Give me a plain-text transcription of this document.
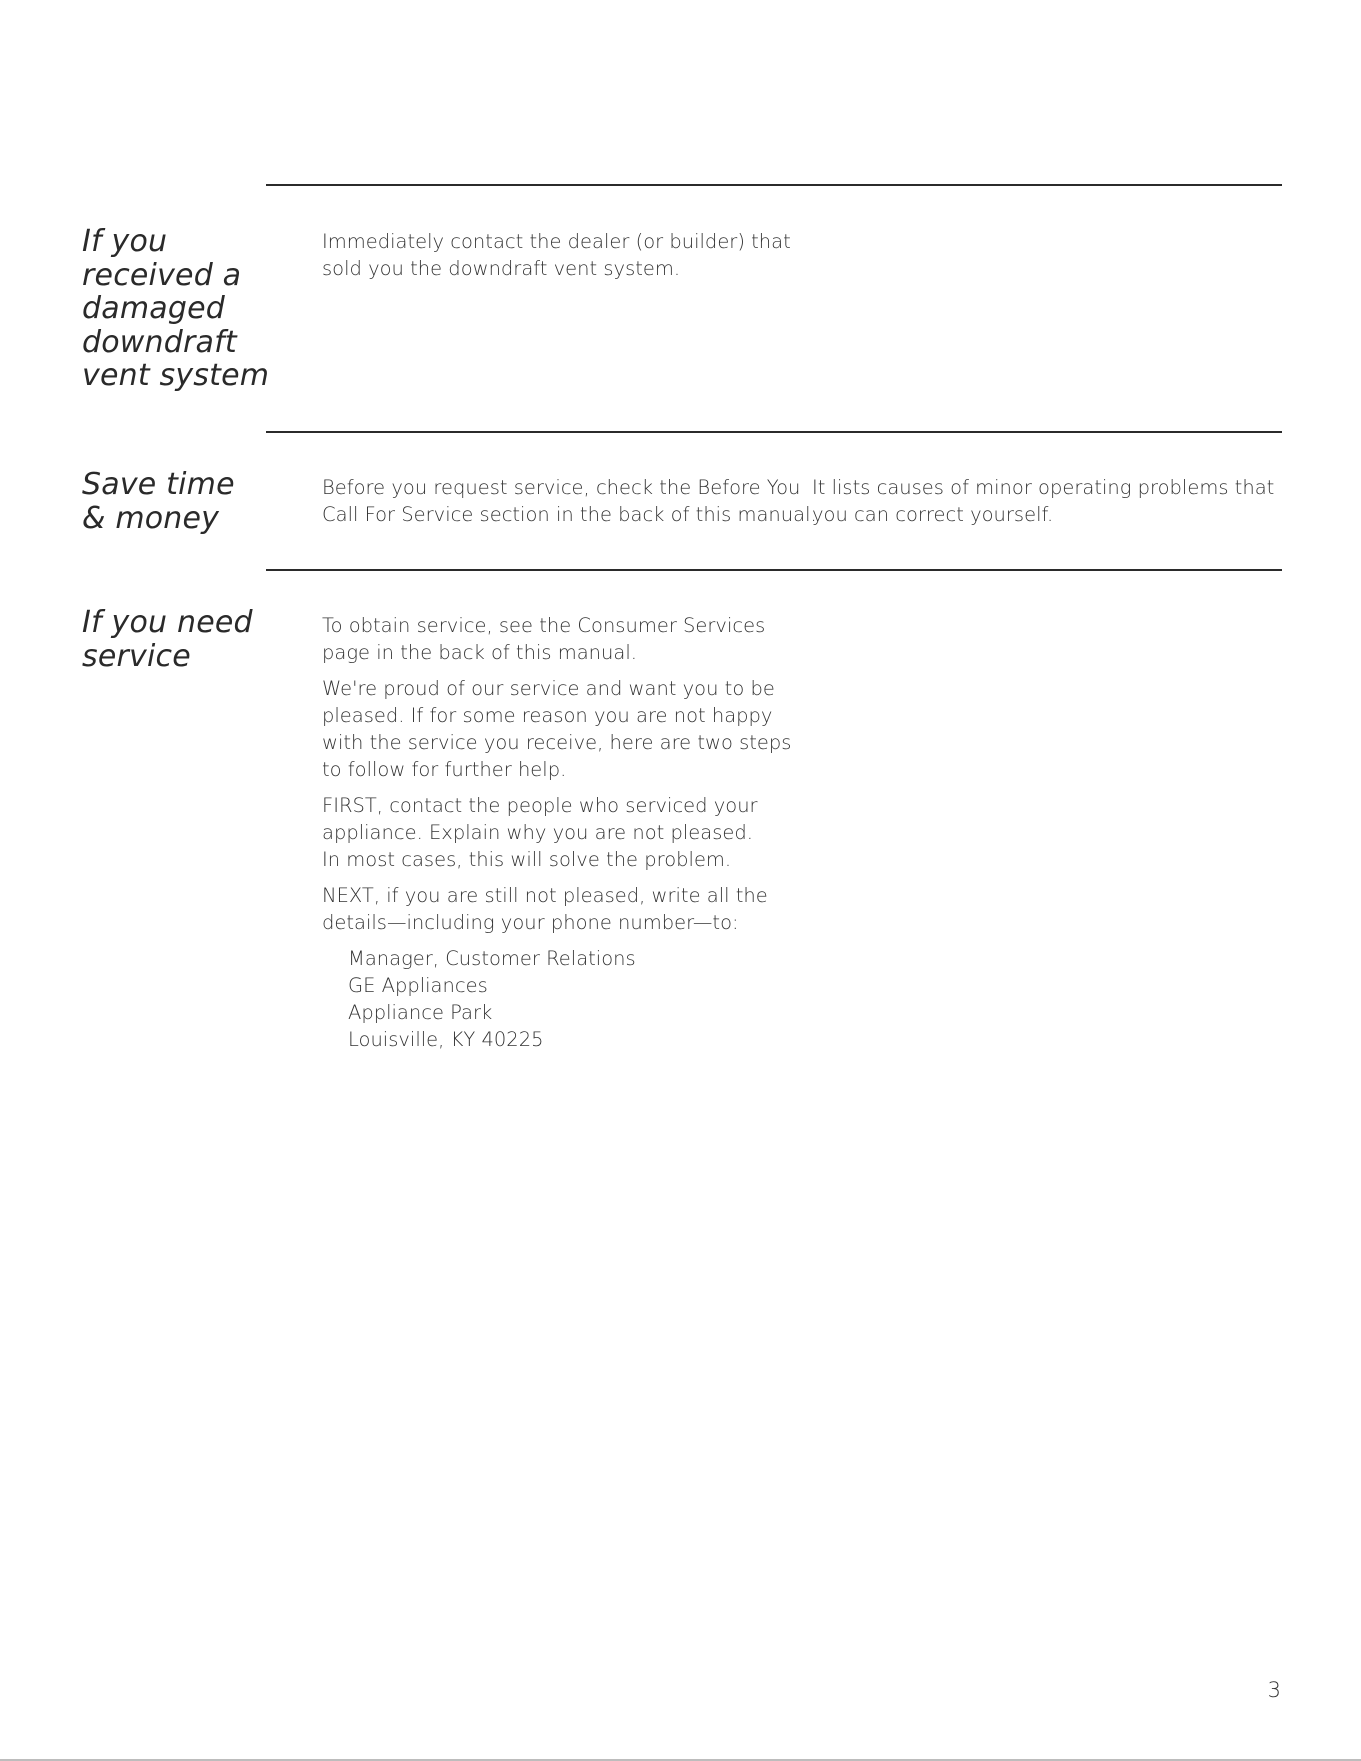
If you
received a
damaged
downdraft
vent system

Immediately contact the dealer (or builder) that
sold you the downdraft vent system.

Save time
& money

Before you request service, check the Before You
Call For Service section in the back of this manual.

It lists causes of minor operating problems that
you can correct yourself.

If you need
service

To obtain service, see the Consumer Services
page in the back of this manual.

We're proud of our service and want you to be
pleased. If for some reason you are not happy
with the service you receive, here are two steps
to follow for further help.

FIRST, contact the people who serviced your
appliance. Explain why you are not pleased.
In most cases, this will solve the problem.

NEXT, if you are still not pleased, write all the
details—including your phone number—to:

Manager, Customer Relations
GE Appliances
Appliance Park
Louisville, KY 40225

3
